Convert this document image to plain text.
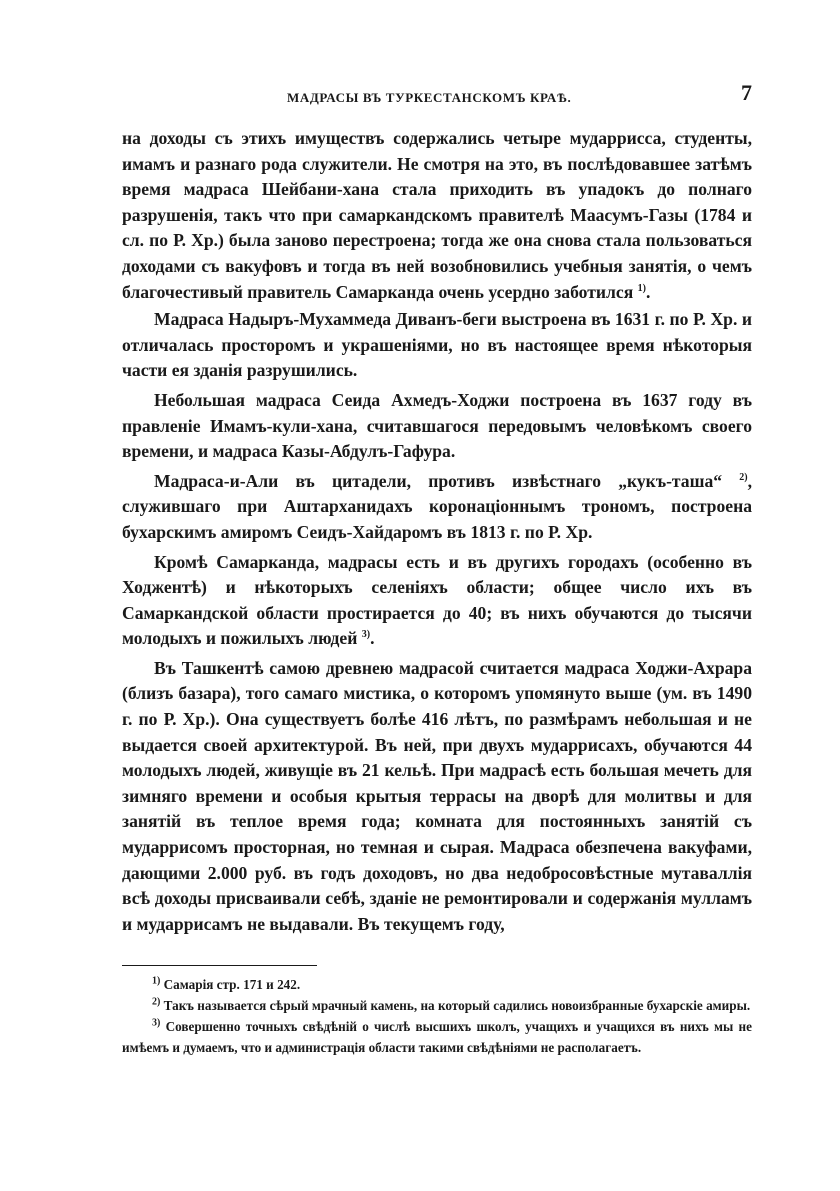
МАДРАСЫ ВЪ ТУРКЕСТАНСКОМЪ КРАѢ.	7

на доходы съ этихъ имуществъ содержались четыре мударрисса, студенты, имамъ и разнаго рода служители. Не смотря на это, въ послѣдовавшее затѣмъ время мадраса Шейбани-хана стала приходить въ упадокъ до полнаго разрушенія, такъ что при самаркандскомъ правителѣ Маасумъ-Газы (1784 и сл. по Р. Хр.) была заново перестроена; тогда же она снова стала пользоваться доходами съ вакуфовъ и тогда въ ней возобновились учебныя занятія, о чемъ благочестивый правитель Самарканда очень усердно заботился $^{1)}$.

Мадраса Надыръ-Мухаммеда Диванъ-беги выстроена въ 1631 г. по Р. Хр. и отличалась просторомъ и украшеніями, но въ настоящее время нѣкоторыя части ея зданія разрушились.

Небольшая мадраса Сеида Ахмедъ-Ходжи построена въ 1637 году въ правленіе Имамъ-кули-хана, считавшагося передовымъ человѣкомъ своего времени, и мадраса Казы-Абдулъ-Гафура.

Мадраса-и-Али въ цитадели, противъ извѣстнаго „кукъ-таша“ $^{2)}$, служившаго при Аштарханидахъ коронаціоннымъ трономъ, построена бухарскимъ амиромъ Сеидъ-Хайдаромъ въ 1813 г. по Р. Хр.

Кромѣ Самарканда, мадрасы есть и въ другихъ городахъ (особенно въ Ходжентѣ) и нѣкоторыхъ селеніяхъ области; общее число ихъ въ Самаркандской области простирается до 40; въ нихъ обучаются до тысячи молодыхъ и пожилыхъ людей $^{3)}$.

Въ Ташкентѣ самою древнею мадрасой считается мадраса Ходжи-Ахрара (близъ базара), того самаго мистика, о которомъ упомянуто выше (ум. въ 1490 г. по Р. Хр.). Она существуетъ болѣе 416 лѣтъ, по размѣрамъ небольшая и не выдается своей архитектурой. Въ ней, при двухъ мударрисахъ, обучаются 44 молодыхъ людей, живущіе въ 21 кельѣ. При мадрасѣ есть большая мечеть для зимняго времени и особыя крытыя террасы на дворѣ для молитвы и для занятій въ теплое время года; комната для постоянныхъ занятій съ мударрисомъ просторная, но темная и сырая. Мадраса обезпечена вакуфами, дающими 2.000 руб. въ годъ доходовъ, но два недобросовѣстные мутаваллія всѣ доходы присваивали себѣ, зданіе не ремонтировали и содержанія мулламъ и мударрисамъ не выдавали. Въ текущемъ году,

$^{1)}$ Самарія стр. 171 и 242.

$^{2)}$ Такъ называется сѣрый мрачный камень, на который садились новоизбранные бухарскіе амиры.

$^{3)}$ Совершенно точныхъ свѣдѣній о числѣ высшихъ школъ, учащихъ и учащихся въ нихъ мы не имѣемъ и думаемъ, что и администрація области такими свѣдѣніями не располагаетъ.
